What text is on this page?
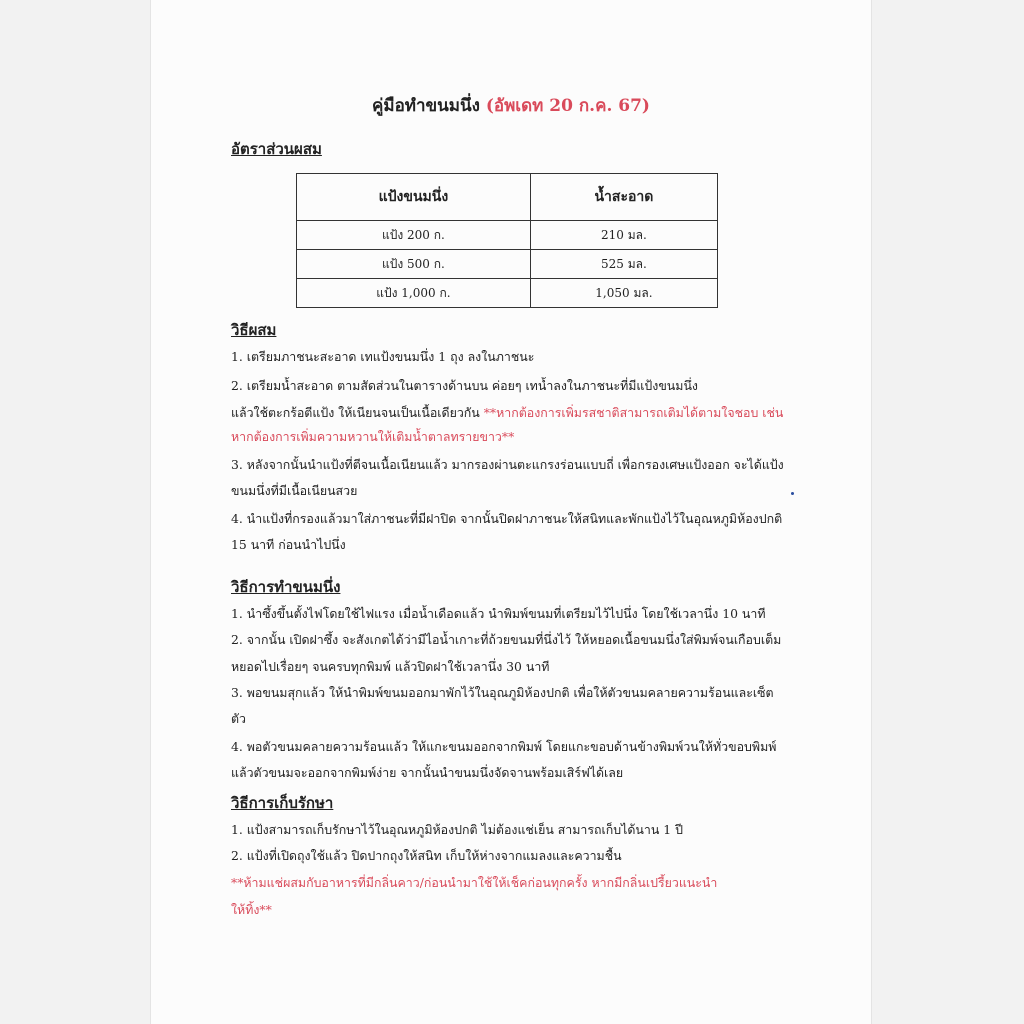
คู่มือทำขนมนึ่ง (อัพเดท 20 ก.ค. 67)
อัตราส่วนผสม
แป้งขนมนึ่ง	น้ำสะอาด
แป้ง 200 ก.	210 มล.
แป้ง 500 ก.	525 มล.
แป้ง 1,000 ก.	1,050 มล.
วิธีผสม
1. เตรียมภาชนะสะอาด เทแป้งขนมนึ่ง 1 ถุง ลงในภาชนะ
2. เตรียมน้ำสะอาด ตามสัดส่วนในตารางด้านบน ค่อยๆ เทน้ำลงในภาชนะที่มีแป้งขนมนึ่ง
แล้วใช้ตะกร้อตีแป้ง ให้เนียนจนเป็นเนื้อเดียวกัน **หากต้องการเพิ่มรสชาติสามารถเติมได้ตามใจชอบ เช่น
หากต้องการเพิ่มความหวานให้เติมน้ำตาลทรายขาว**
3. หลังจากนั้นนำแป้งที่ตีจนเนื้อเนียนแล้ว มากรองผ่านตะแกรงร่อนแบบถี่ เพื่อกรองเศษแป้งออก จะได้แป้ง
ขนมนึ่งที่มีเนื้อเนียนสวย
4. นำแป้งที่กรองแล้วมาใส่ภาชนะที่มีฝาปิด จากนั้นปิดฝาภาชนะให้สนิทและพักแป้งไว้ในอุณหภูมิห้องปกติ
15 นาที ก่อนนำไปนึ่ง
วิธีการทำขนมนึ่ง
1. นำซึ้งขึ้นตั้งไฟโดยใช้ไฟแรง เมื่อน้ำเดือดแล้ว นำพิมพ์ขนมที่เตรียมไว้ไปนึ่ง โดยใช้เวลานึ่ง 10 นาที
2. จากนั้น เปิดฝาซึ้ง จะสังเกตได้ว่ามีไอน้ำเกาะที่ถ้วยขนมที่นึ่งไว้ ให้หยอดเนื้อขนมนึ่งใส่พิมพ์จนเกือบเต็ม
หยอดไปเรื่อยๆ จนครบทุกพิมพ์ แล้วปิดฝาใช้เวลานึ่ง 30 นาที
3. พอขนมสุกแล้ว ให้นำพิมพ์ขนมออกมาพักไว้ในอุณภูมิห้องปกติ เพื่อให้ตัวขนมคลายความร้อนและเซ็ต
ตัว
4. พอตัวขนมคลายความร้อนแล้ว ให้แกะขนมออกจากพิมพ์ โดยแกะขอบด้านข้างพิมพ์วนให้ทั่วขอบพิมพ์
แล้วตัวขนมจะออกจากพิมพ์ง่าย จากนั้นนำขนมนึ่งจัดจานพร้อมเสิร์ฟได้เลย
วิธีการเก็บรักษา
1. แป้งสามารถเก็บรักษาไว้ในอุณหภูมิห้องปกติ ไม่ต้องแช่เย็น สามารถเก็บได้นาน 1 ปี
2. แป้งที่เปิดถุงใช้แล้ว ปิดปากถุงให้สนิท เก็บให้ห่างจากแมลงและความชื้น
**ห้ามแช่ผสมกับอาหารที่มีกลิ่นคาว/ก่อนนำมาใช้ให้เช็คก่อนทุกครั้ง หากมีกลิ่นเปรี้ยวแนะนำ
ให้ทิ้ง**
